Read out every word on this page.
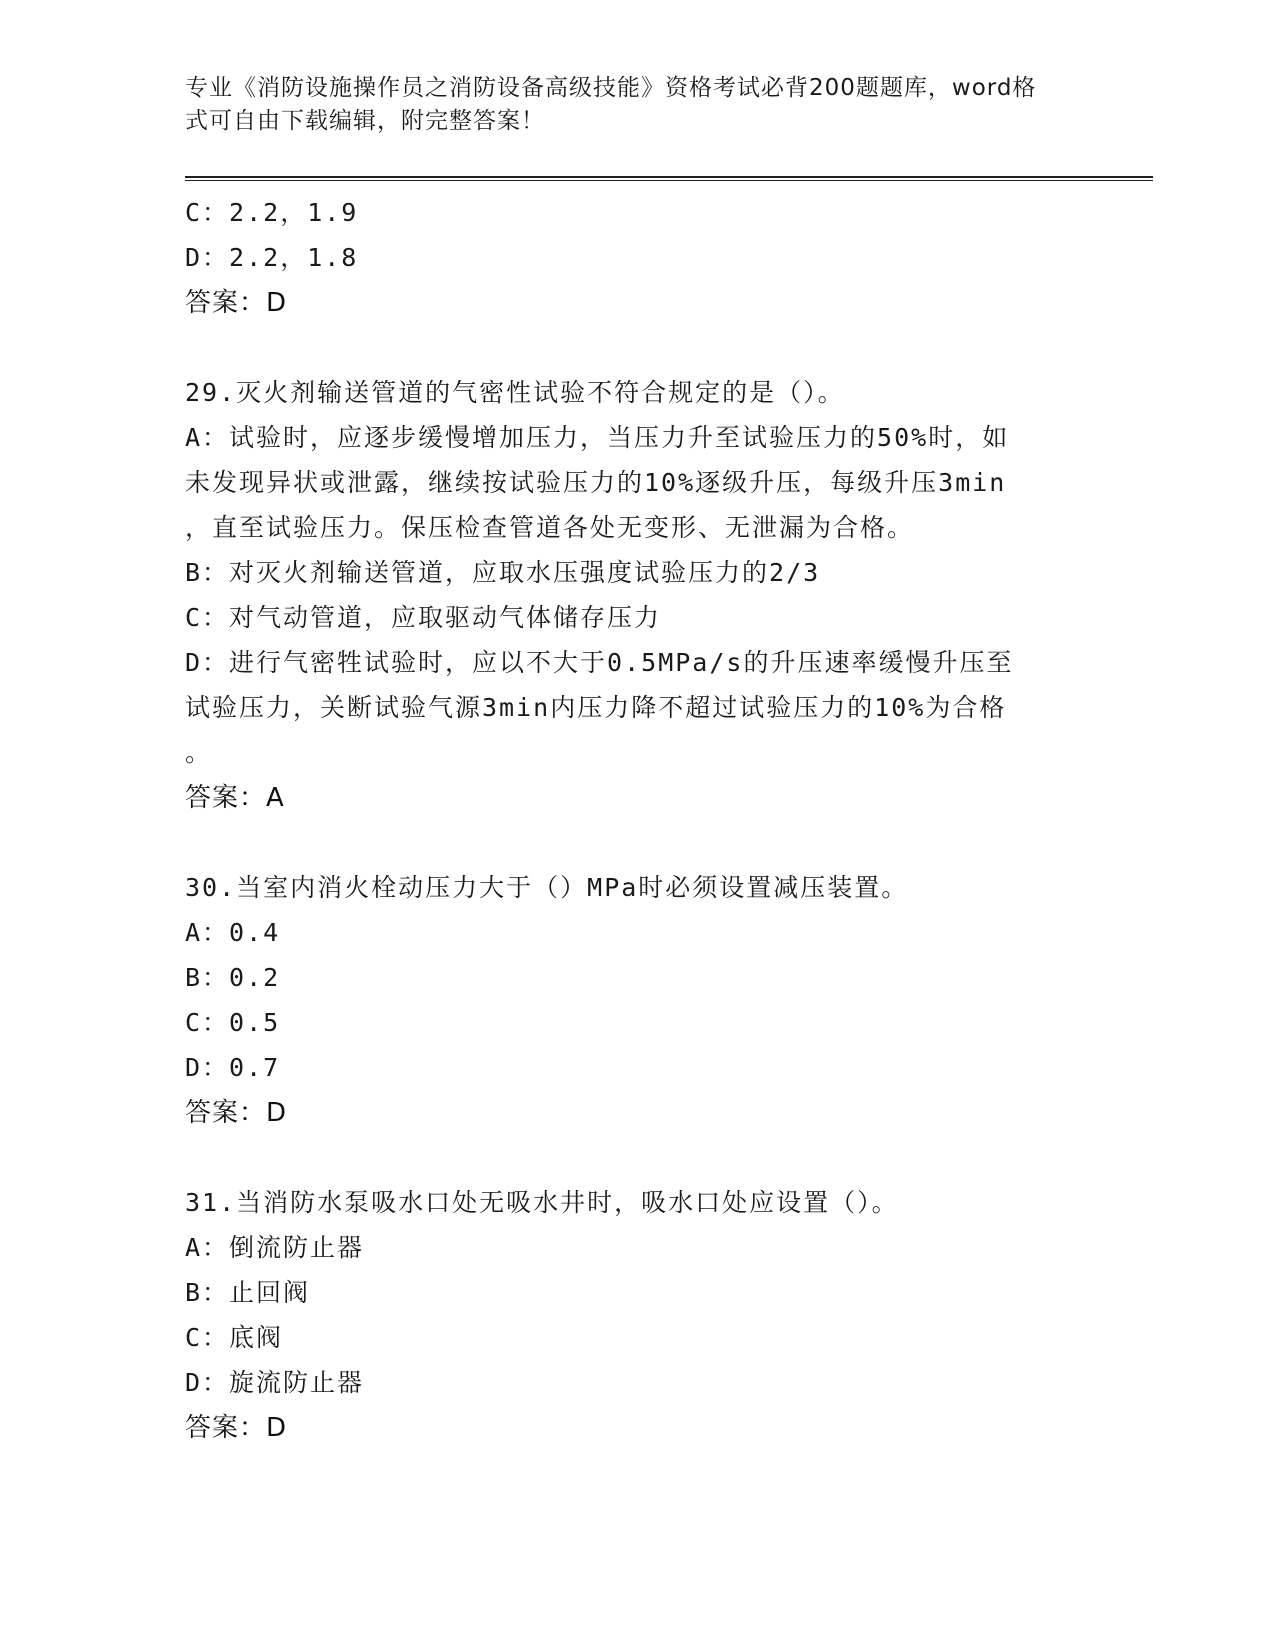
专业《消防设施操作员之消防设备高级技能》资格考试必背200题题库，word格
式可自由下载编辑，附完整答案！
C：2.2，1.9
D：2.2，1.8
答案：D
29.灭火剂输送管道的气密性试验不符合规定的是（）。
A：试验时，应逐步缓慢增加压力，当压力升至试验压力的50%时，如
未发现异状或泄露，继续按试验压力的10%逐级升压，每级升压3min
，直至试验压力。保压检查管道各处无变形、无泄漏为合格。
B：对灭火剂输送管道，应取水压强度试验压力的2/3
C：对气动管道，应取驱动气体储存压力
D：进行气密牲试验时，应以不大于0.5MPa/s的升压速率缓慢升压至
试验压力，关断试验气源3min内压力降不超过试验压力的10%为合格
。
答案：A
30.当室内消火栓动压力大于（）MPa时必须设置减压装置。
A：0.4
B：0.2
C：0.5
D：0.7
答案：D
31.当消防水泵吸水口处无吸水井时，吸水口处应设置（）。
A：倒流防止器
B：止回阀
C：底阀
D：旋流防止器
答案：D
